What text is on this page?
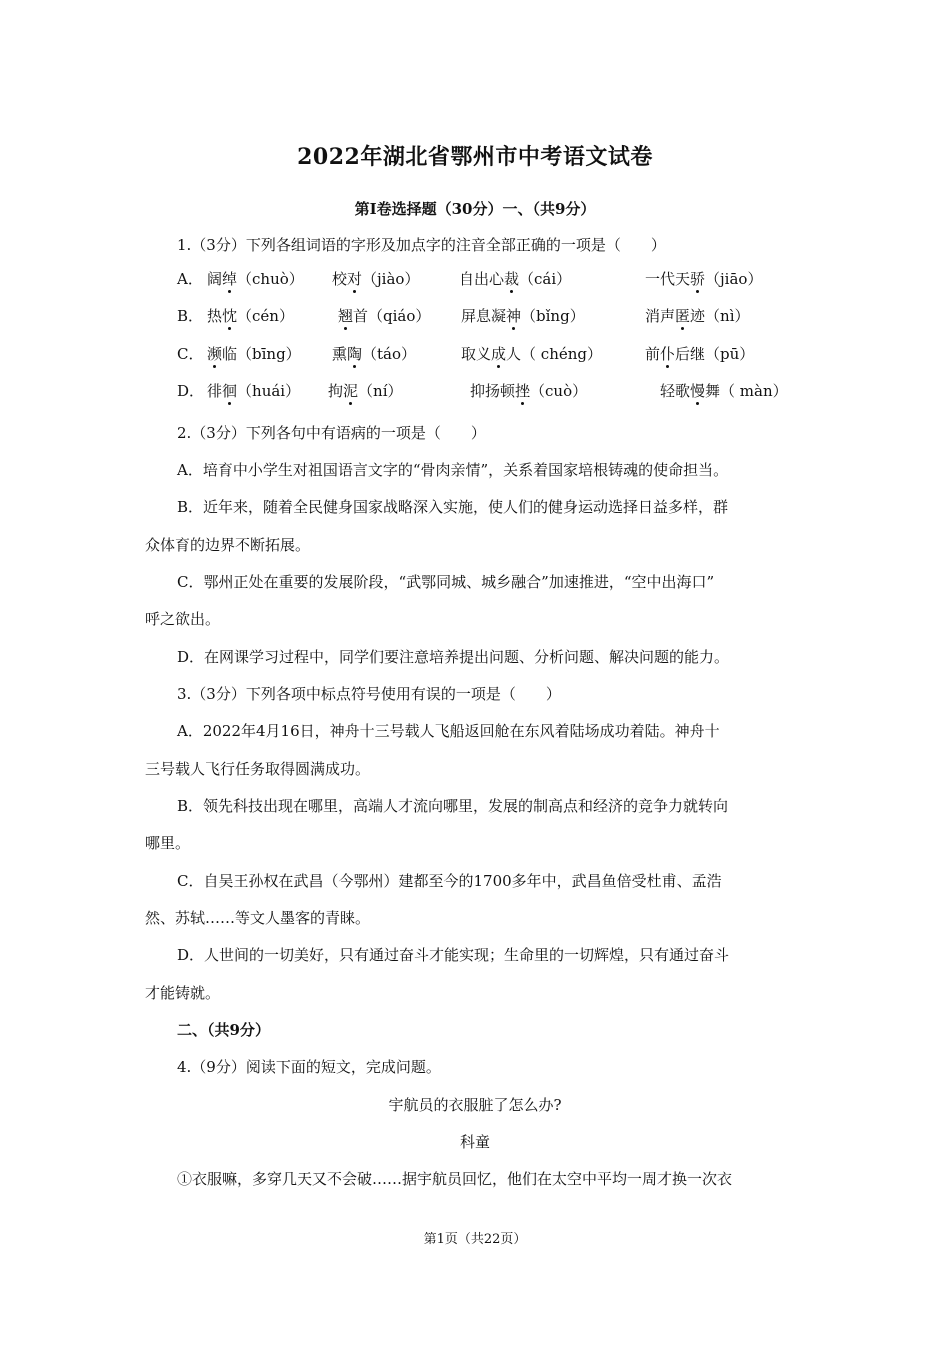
2022年湖北省鄂州市中考语文试卷
第Ⅰ卷选择题（30分）一、（共9分）
1.（3分）下列各组词语的字形及加点字的注音全部正确的一项是（　　）
A． 阔绰（chuò） 校对（jiào）	自出心裁（cái）	一代天骄（jiāo）
B． 热忱（cén）	翘首（qiáo） 屏息凝神（bǐng）	消声匿迹（nì）
C． 濒临（bīng） 熏陶（táo）	取义成人（ chéng）	前仆后继（pū）
D． 徘徊（huái） 拘泥（ní）	抑扬顿挫（cuò）	轻歌慢舞（ màn）
2.（3分）下列各句中有语病的一项是（　　）
A．培育中小学生对祖国语言文字的“骨肉亲情”，关系着国家培根铸魂的使命担当。
B．近年来，随着全民健身国家战略深入实施，使人们的健身运动选择日益多样，群
众体育的边界不断拓展。
C．鄂州正处在重要的发展阶段，“武鄂同城、城乡融合”加速推进，“空中出海口”
呼之欲出。
D．在网课学习过程中，同学们要注意培养提出问题、分析问题、解决问题的能力。
3.（3分）下列各项中标点符号使用有误的一项是（　　）
A．2022年4月16日，神舟十三号载人飞船返回舱在东风着陆场成功着陆。神舟十
三号载人飞行任务取得圆满成功。
B．领先科技出现在哪里，高端人才流向哪里，发展的制高点和经济的竞争力就转向
哪里。
C．自吴王孙权在武昌（今鄂州）建都至今的1700多年中，武昌鱼倍受杜甫、孟浩
然、苏轼……等文人墨客的青睐。
D．人世间的一切美好，只有通过奋斗才能实现；生命里的一切辉煌，只有通过奋斗
才能铸就。
二、（共9分）
4.（9分）阅读下面的短文，完成问题。
宇航员的衣服脏了怎么办?
科童
①衣服嘛，多穿几天又不会破……据宇航员回忆，他们在太空中平均一周才换一次衣
第1页（共22页）
